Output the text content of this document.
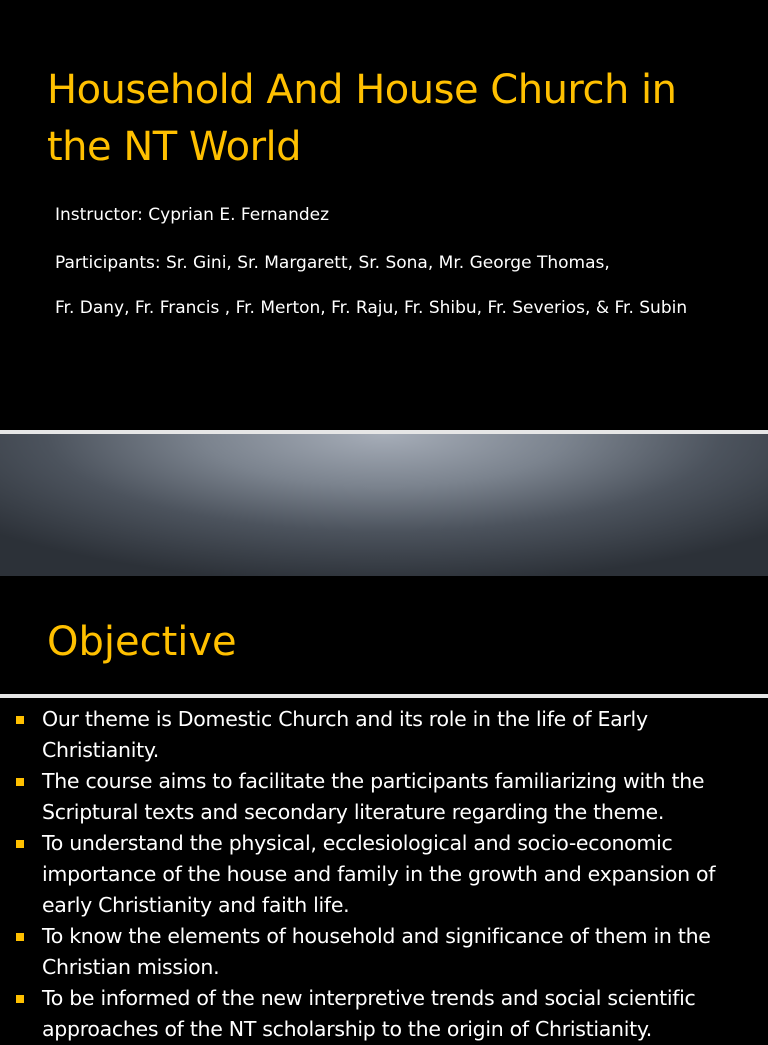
Household And House Church in the NT World

Instructor: Cyprian E. Fernandez

Participants: Sr. Gini, Sr. Margarett, Sr. Sona, Mr. George Thomas,

Fr. Dany, Fr. Francis , Fr. Merton, Fr. Raju, Fr. Shibu, Fr. Severios, & Fr. Subin

Objective
Our theme is Domestic Church and its role in the life of Early Christianity.
The course aims to facilitate the participants familiarizing with the Scriptural texts and secondary literature regarding the theme.
To understand the physical, ecclesiological and socio-economic importance of the house and family in the growth and expansion of early Christianity and faith life.
To know the elements of household and significance of them in the Christian mission.
To be informed of the new interpretive trends and social scientific approaches of the NT scholarship to the origin of Christianity.
